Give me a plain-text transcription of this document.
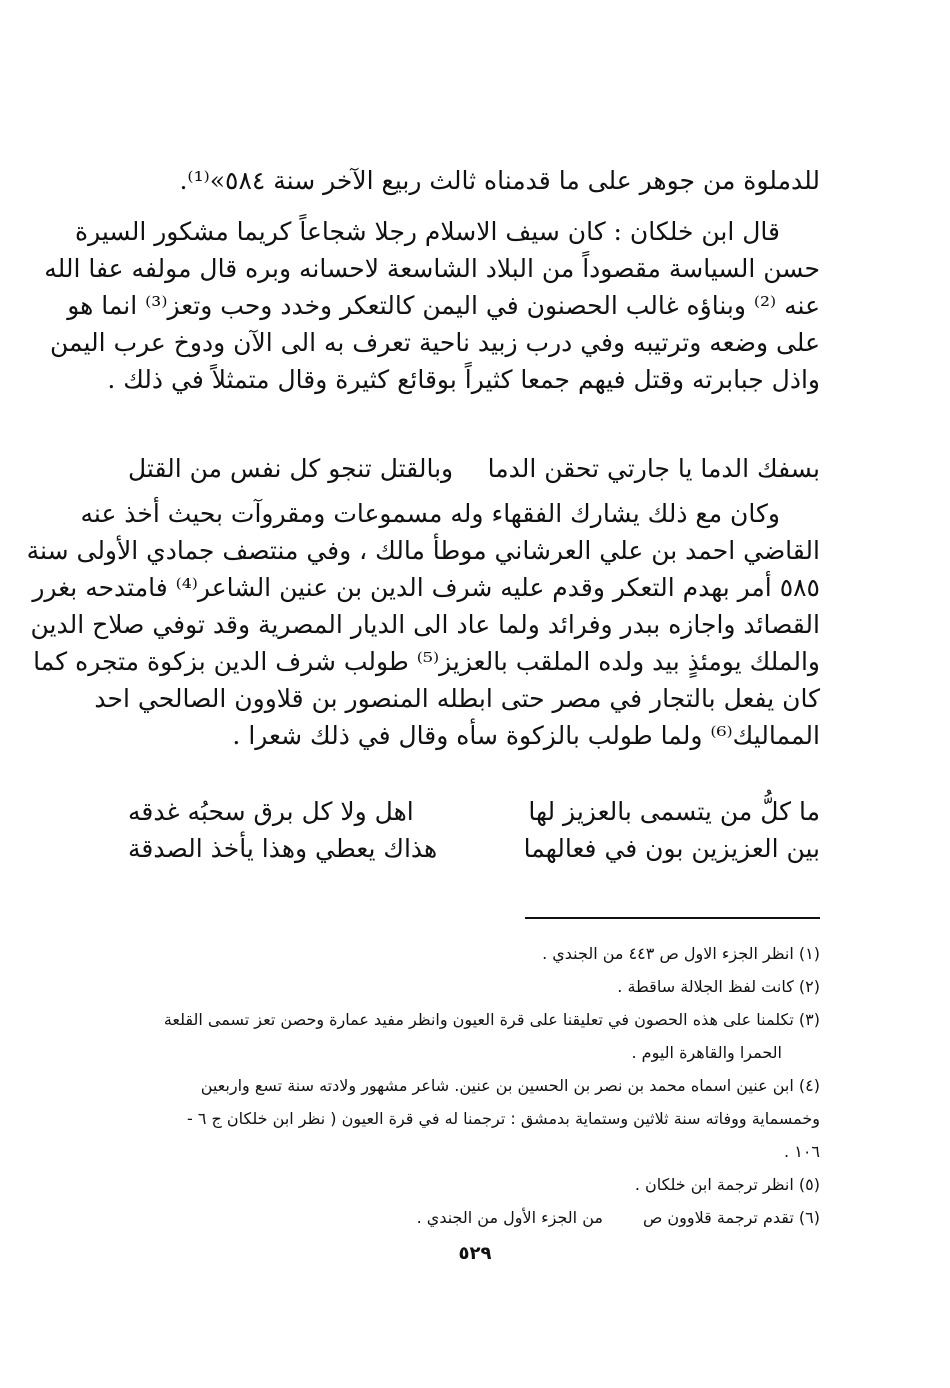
للدملوة من جوهر على ما قدمناه ثالث ربيع الآخر سنة ٥٨٤»⁽¹⁾.

قال ابن خلكان : كان سيف الاسلام رجلا شجاعاً كريما مشكور السيرة
حسن السياسة مقصوداً من البلاد الشاسعة لاحسانه وبره قال مولفه عفا الله
عنه ⁽²⁾ وبناؤه غالب الحصنون في اليمن كالتعكر وخدد وحب وتعز⁽³⁾ انما هو
على وضعه وترتيبه وفي درب زبيد ناحية تعرف به الى الآن ودوخ عرب اليمن
واذل جبابرته وقتل فيهم جمعا كثيراً بوقائع كثيرة وقال متمثلاً في ذلك .

بسفك الدما يا جارتي تحقن الدما
وبالقتل تنجو كل نفس من القتل

وكان مع ذلك يشارك الفقهاء وله مسموعات ومقروآت بحيث أخذ عنه
القاضي احمد بن علي العرشاني موطأ مالك ، وفي منتصف جمادي الأولى سنة
٥٨٥ أمر بهدم التعكر وقدم عليه شرف الدين بن عنين الشاعر⁽⁴⁾ فامتدحه بغرر
القصائد واجازه ببدر وفرائد ولما عاد الى الديار المصرية وقد توفي صلاح الدين
والملك يومئذٍ بيد ولده الملقب بالعزيز⁽⁵⁾ طولب شرف الدين بزكوة متجره كما
كان يفعل بالتجار في مصر حتى ابطله المنصور بن قلاوون الصالحي احد
المماليك⁽⁶⁾ ولما طولب بالزكوة سأه وقال في ذلك شعرا .

ما كلُّ من يتسمى بالعزيز لها
اهل ولا كل برق سحبُه غدقه
بين العزيزين بون في فعالهما
هذاك يعطي وهذا يأخذ الصدقة
(١) انظر الجزء الاول ص ٤٤٣ من الجندي .
(٢) كانت لفظ الجلالة ساقطة .
(٣) تكلمنا على هذه الحصون في تعليقنا على قرة العيون وانظر مفيد عمارة وحصن تعز تسمى القلعة
الحمرا والقاهرة اليوم .
(٤) ابن عنين اسماه محمد بن نصر بن الحسين بن عنين. شاعر مشهور ولادته سنة تسع واربعين
وخمسماية ووفاته سنة ثلاثين وستماية بدمشق : ترجمنا له في قرة العيون ( نظر ابن خلكان ج ٦ -
١٠٦ .
(٥) انظر ترجمة ابن خلكان .
(٦) تقدم ترجمة قلاوون ص
من الجزء الأول من الجندي .
٥٢٩
